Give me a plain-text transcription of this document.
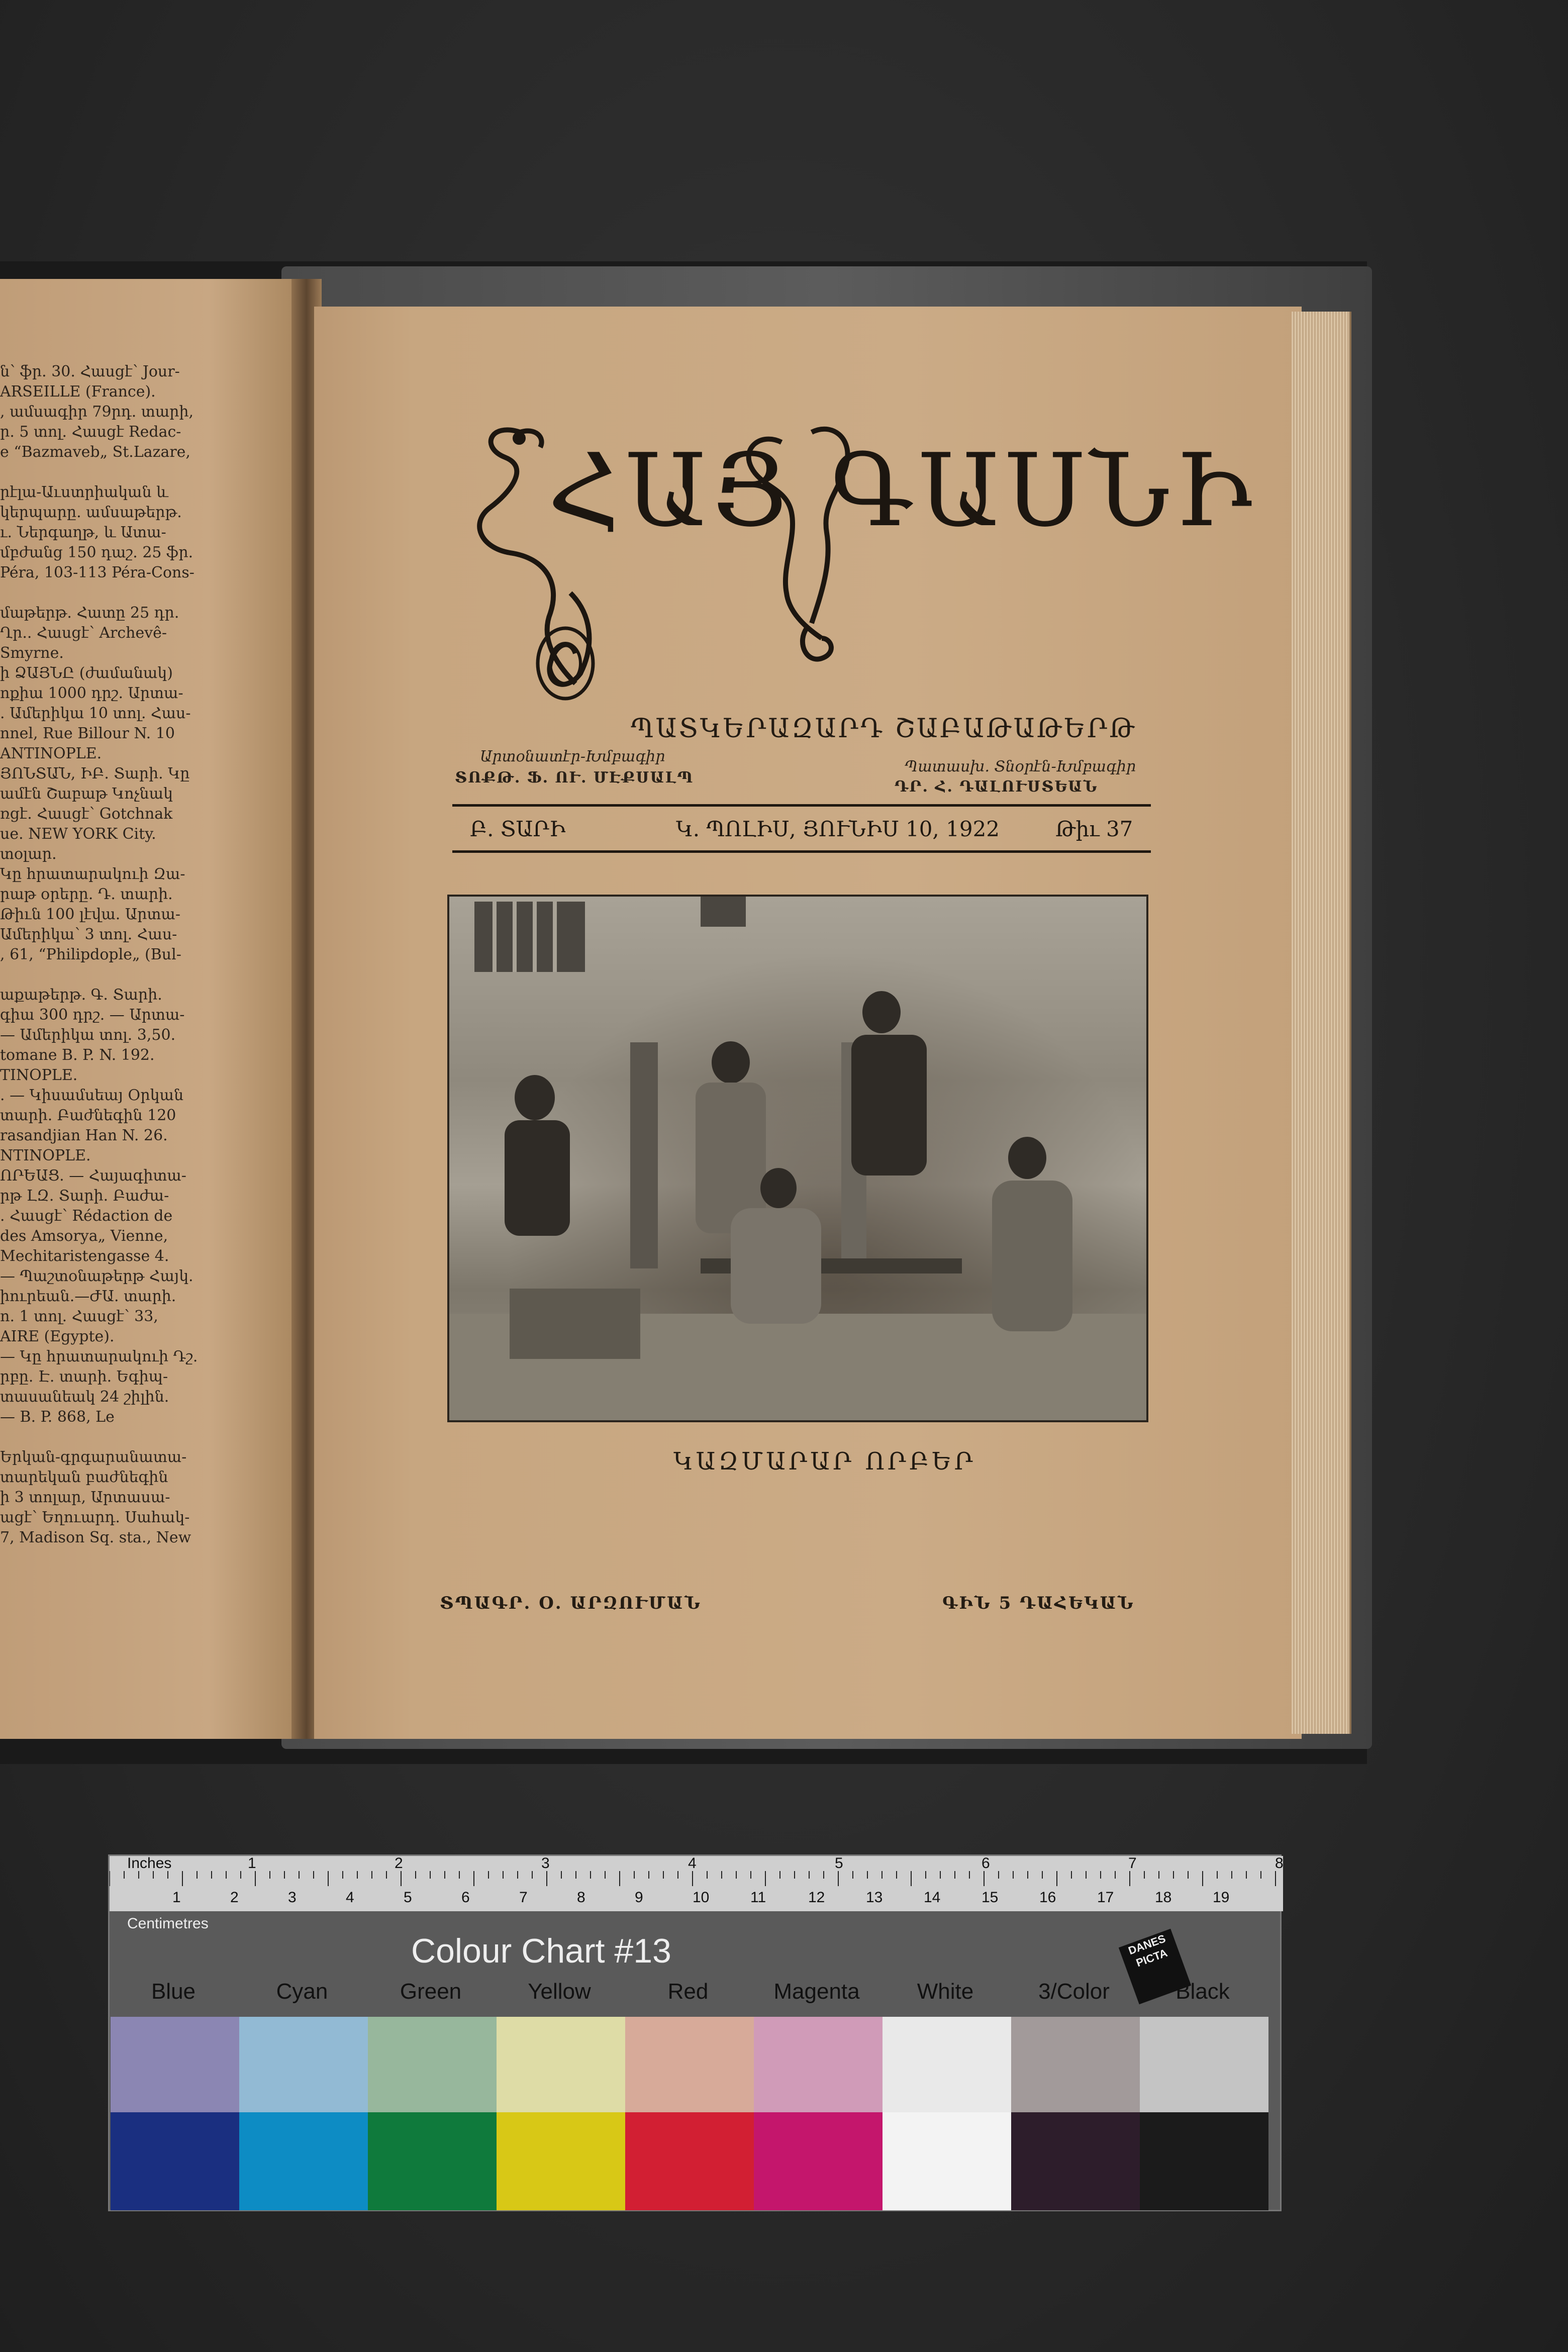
ն՝ ֆր. 30. Հասցէ՝ Jour-
ARSEILLE (France).
, ամսագիր 79րդ. տարի,
ր. 5 տոլ. Հասցէ Redac-
e “Bazmaveb„ St.Lazare,
րէլա-Աւստրիական և
կերպարը. ամսաթերթ.
ւ. Ներգաղթ, և Ատա-
մբժանց 150 դաշ. 25 ֆր.
Péra, 103-113 Péra-Cons-
մաթերթ. Հատը 25 դր.
Ղր.. Հասցէ՝ Archevê-
Smyrne.
ի ՁԱՅՆԸ (ժամանակ)
ոքիա 1000 դրշ. Արտա-
. Ամերիկա 10 տոլ. Հաս-
nnel, Rue Billour N. 10
ANTINOPLE.
ՅՈՆՏԱՆ, ԻԲ. Տարի. Կը
ամէն Շաբաթ Կոչնակ
ռցէ. Հասցէ՝ Gotchnak
ue. NEW YORK City.
տօլար.
Կը հրատարակուի Զա-
րաթ օրերը. Դ. տարի.
Թիւն 100 լէվա. Արտա-
Ամերիկա՝ 3 տոլ. Հաս-
, 61, “Philipdople„ (Bul-
աքաթերթ. Գ. Տարի.
գիա 300 դրշ. — Արտա-
— Ամերիկա տոլ. 3,50.
tomane B. P. N. 192.
TINOPLE.
. — Կիսամսեայ Օրկան
տարի. Բաժնեգին 120
rasandjian Han N. 26.
NTINOPLE.
ՈՐԵԱՑ. — Հայագիտա-
րթ ԼԶ. Տարի. Բաժա-
. Հասցէ՝ Rédaction de
des Amsorya„ Vienne,
Mechitaristengasse 4.
— Պաշտօնաթերթ Հայկ.
իուրեան.—ԺԱ. տարի.
ո. 1 տոլ. Հասցէ՝ 33,
AIRE (Egypte).
— Կը հրատարակուի Դշ.
րբը. Է. տարի. Եգիպ-
տասանեակ 24 շիլին.
— B. P. 868, Le
Երկան-գրգարանատա-
տարեկան բաժնեգին
ի 3 տոլար, Արտասա-
ացէ՝ Եղուարդ. Սահակ-
7, Madison Sq. sta., New
ՀԱՅ ԳԱՍՆԻ
ՊԱՏԿԵՐԱԶԱՐԴ ՇԱԲԱԹԱԹԵՐԹ
Արտօնատէր-Խմբագիր
ՏՈՔԹ. Ֆ. ՈՒ. ՄԷՔՍԱԼՊ
Պատասխ. Տնօրէն-Խմբագիր
ԴՐ. Հ. ԴԱԼՈՒՍՏԵԱՆ
Բ. ՏԱՐԻ	Կ. ՊՈԼԻՍ, ՅՈՒՆԻՍ 10, 1922	Թիւ 37
ԿԱԶՄԱՐԱՐ ՈՐԲԵՐ
ՏՊԱԳՐ. Օ. ԱՐԶՈՒՄԱՆ	ԳԻՆ 5 ԴԱՀԵԿԱՆ
Inches
Centimetres
1	2	3	4	5	6	7	8
1	2	3	4	5	6	7	8	9	10	11	12	13	14	15	16	17	18	19
Colour Chart #13	DANES PICTA
Blue	Cyan	Green	Yellow	Red	Magenta	White	3/Color	Black
